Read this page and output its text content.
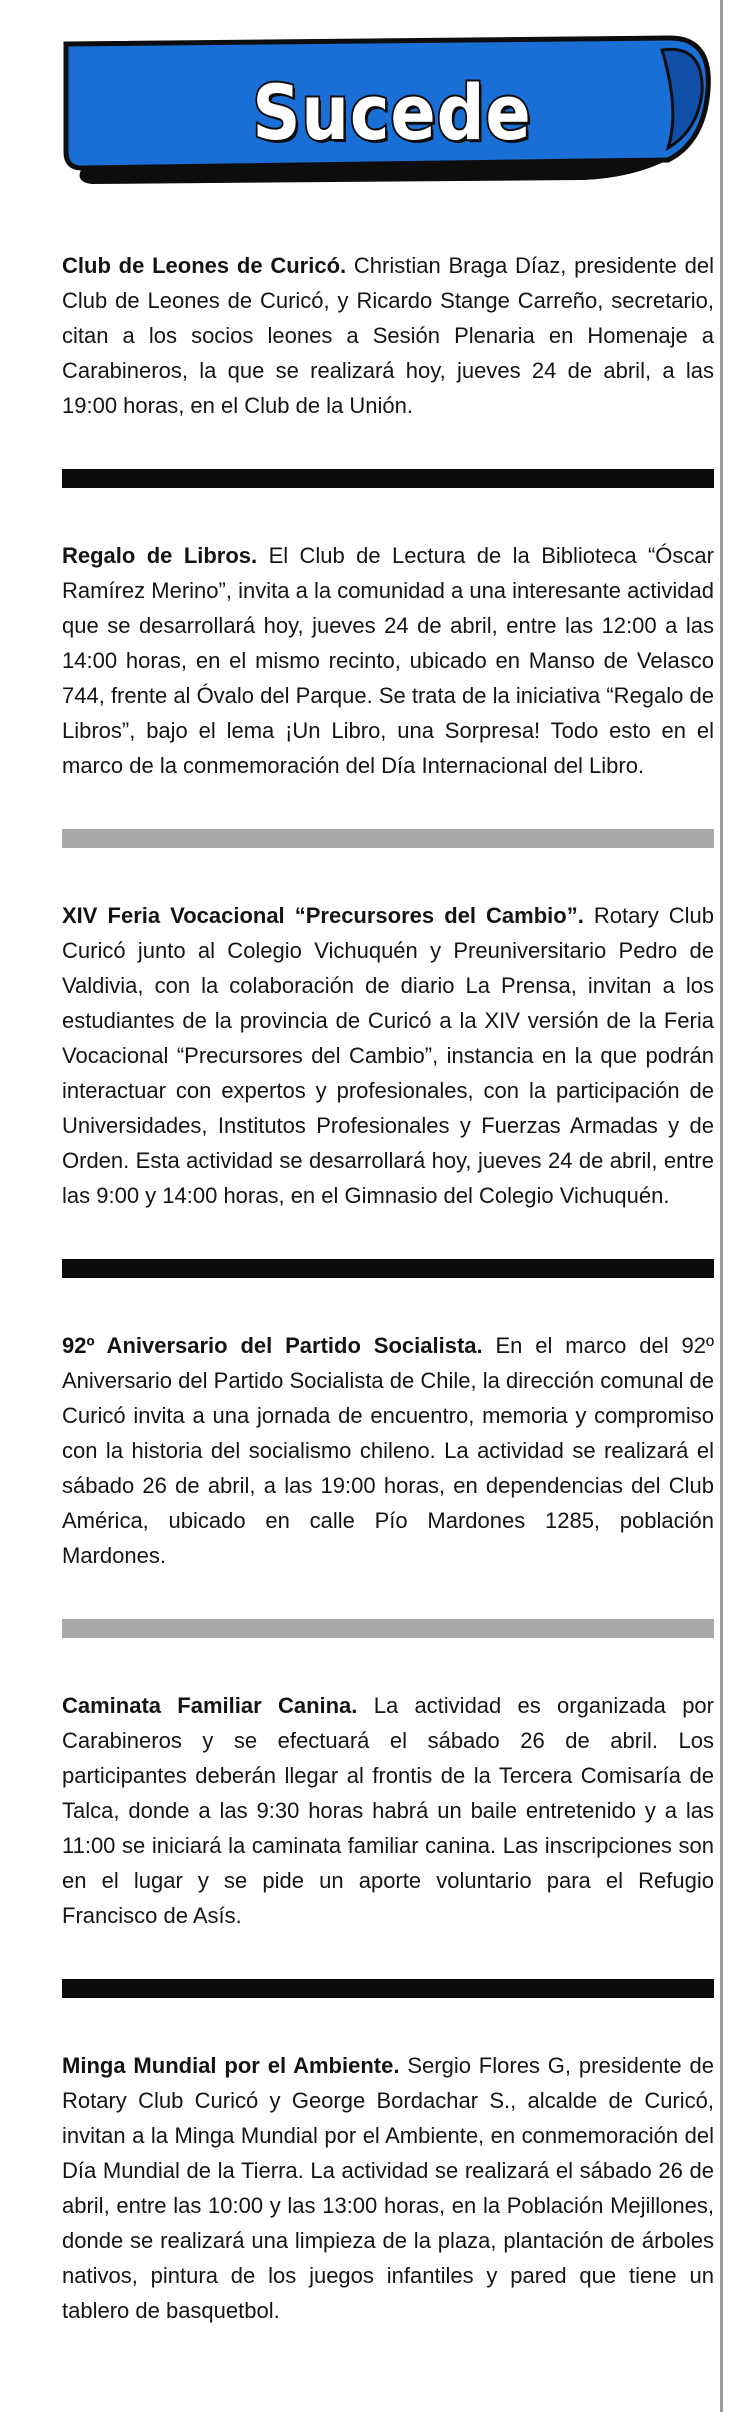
Sucede

Club de Leones de Curicó. Christian Braga Díaz, presidente del Club de Leones de Curicó, y Ricardo Stange Carreño, secretario, citan a los socios leones a Sesión Plenaria en Homenaje a Carabineros, la que se realizará hoy, jueves 24 de abril, a las 19:00 horas, en el Club de la Unión.

Regalo de Libros. El Club de Lectura de la Biblioteca “Óscar Ramírez Merino”, invita a la comunidad a una interesante actividad que se desarrollará hoy, jueves 24 de abril, entre las 12:00 a las 14:00 horas, en el mismo recinto, ubicado en Manso de Velasco 744, frente al Óvalo del Parque. Se trata de la iniciativa “Regalo de Libros”, bajo el lema ¡Un Libro, una Sorpresa! Todo esto en el marco de la conmemoración del Día Internacional del Libro.

XIV Feria Vocacional “Precursores del Cambio”. Rotary Club Curicó junto al Colegio Vichuquén y Preuniversitario Pedro de Valdivia, con la colaboración de diario La Prensa, invitan a los estudiantes de la provincia de Curicó a la XIV versión de la Feria Vocacional “Precursores del Cambio”, instancia en la que podrán interactuar con expertos y profesionales, con la participación de Universidades, Institutos Profesionales y Fuerzas Armadas y de Orden. Esta actividad se desarrollará hoy, jueves 24 de abril, entre las 9:00 y 14:00 horas, en el Gimnasio del Colegio Vichuquén.

92º Aniversario del Partido Socialista. En el marco del 92º Aniversario del Partido Socialista de Chile, la dirección comunal de Curicó invita a una jornada de encuentro, memoria y compromiso con la historia del socialismo chileno. La actividad se realizará el sábado 26 de abril, a las 19:00 horas, en dependencias del Club América, ubicado en calle Pío Mardones 1285, población Mardones.

Caminata Familiar Canina. La actividad es organizada por Carabineros y se efectuará el sábado 26 de abril. Los participantes deberán llegar al frontis de la Tercera Comisaría de Talca, donde a las 9:30 horas habrá un baile entretenido y a las 11:00 se iniciará la caminata familiar canina. Las inscripciones son en el lugar y se pide un aporte voluntario para el Refugio Francisco de Asís.

Minga Mundial por el Ambiente. Sergio Flores G, presidente de Rotary Club Curicó y George Bordachar S., alcalde de Curicó, invitan a la Minga Mundial por el Ambiente, en conmemoración del Día Mundial de la Tierra. La actividad se realizará el sábado 26 de abril, entre las 10:00 y las 13:00 horas, en la Población Mejillones, donde se realizará una limpieza de la plaza, plantación de árboles nativos, pintura de los juegos infantiles y pared que tiene un tablero de basquetbol.
